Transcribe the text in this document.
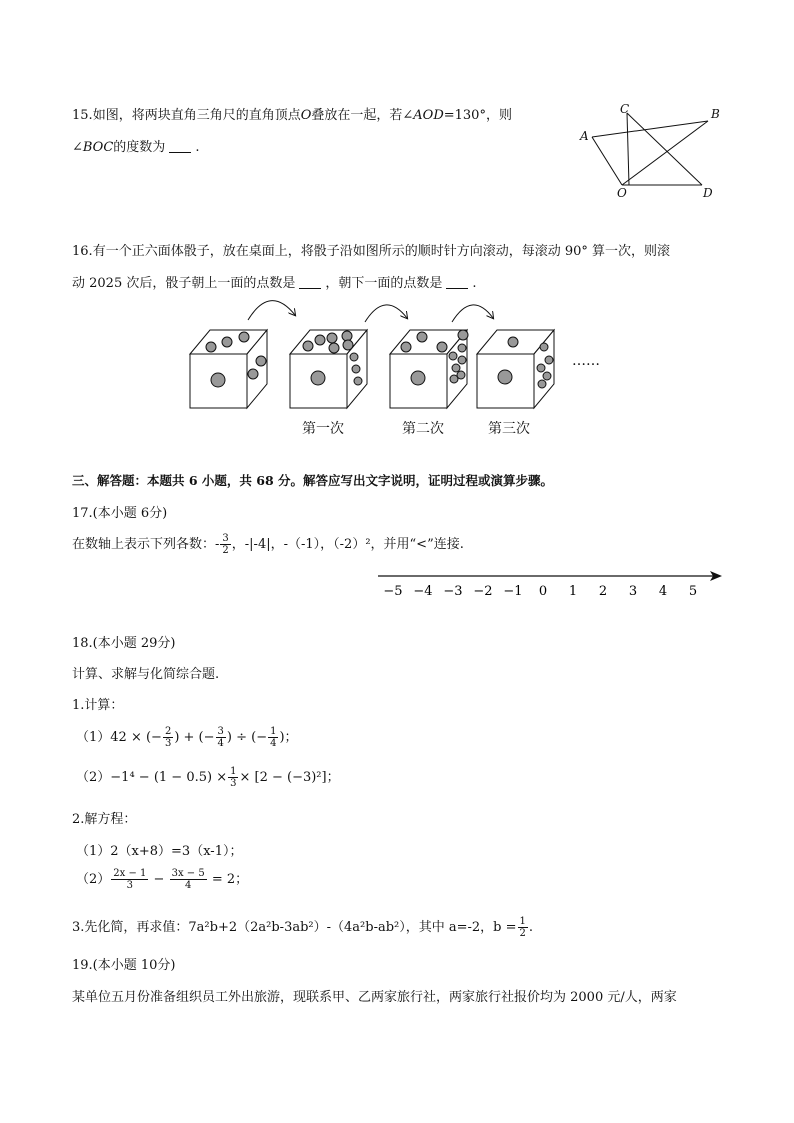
15.如图，将两块直角三角尺的直角顶点O叠放在一起，若∠AOD=130°，则
∠BOC的度数为 .
A
B
C
O	D
16.有一个正六面体骰子，放在桌面上，将骰子沿如图所示的顺时针方向滚动，每滚动 90° 算一次，则滚
动 2025 次后，骰子朝上一面的点数是 ，朝下一面的点数是 .
……
第一次	第二次	第三次
三、解答题：本题共 6 小题，共 68 分。解答应写出文字说明，证明过程或演算步骤。
17.(本小题 6分)
在数轴上表示下列各数：- $\frac{3}{2}$ ，-|-4|，-（-1），（-2）²，并用“<”连接.
−5 −4 −3 −2 −1 0 1 2 3 4 5
18.(本小题 29分)
计算、求解与化简综合题.
1.计算：
（1）42 × (− $\frac{2}{3}$ ) + (− $\frac{3}{4}$ ) ÷ (− $\frac{1}{4}$ )；
$(2)-1^4 - (1 - 0.5) \times \frac{1}{3} \times [2 - (-3)^2]$；
2.解方程：
（1）2（x+8）=3（x-1）；
$(2) \frac{2x - 1}{3} - \frac{3x - 5}{4} = 2$；
3.先化简，再求值：7a²b+2（2a²b-3ab²）-（4a²b-ab²），其中 a=-2，$b = \frac{1}{2}$ .
19.(本小题 10分)
某单位五月份准备组织员工外出旅游，现联系甲、乙两家旅行社，两家旅行社报价均为 2000 元/人，两家
